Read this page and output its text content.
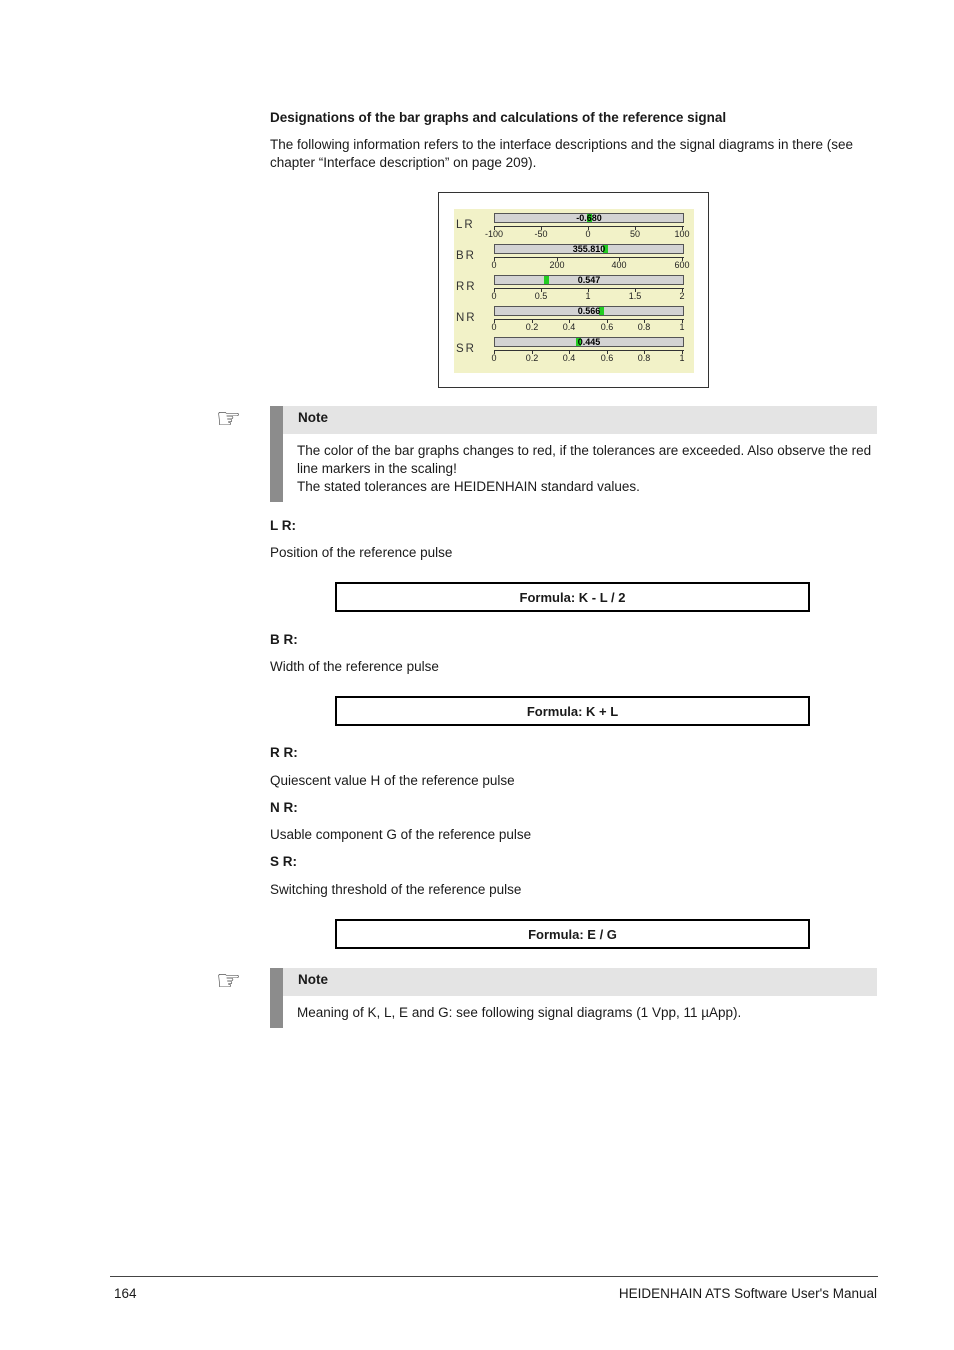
Designations of the bar graphs and calculations of the reference signal
The following information refers to the interface descriptions and the signal diagrams in there (see chapter “Interface description” on page 209).
LR
-0.680
-100	-50	0	50	100
BR
355.810
0	200	400	600
RR
0.547
0	0.5	1	1.5	2
NR
0.566
0	0.2	0.4	0.6	0.8	1
SR
0.445
0	0.2	0.4	0.6	0.8	1
☞	Note
The color of the bar graphs changes to red, if the tolerances are exceeded. Also observe the red line markers in the scaling!
The stated tolerances are HEIDENHAIN standard values.
L R:
Position of the reference pulse
Formula: K - L / 2
B R:
Width of the reference pulse
Formula: K + L
R R:
Quiescent value H of the reference pulse
N R:
Usable component G of the reference pulse
S R:
Switching threshold of the reference pulse
Formula: E / G
☞	Note
Meaning of K, L, E and G: see following signal diagrams (1 Vpp, 11 µApp).
164	HEIDENHAIN ATS Software User's Manual
